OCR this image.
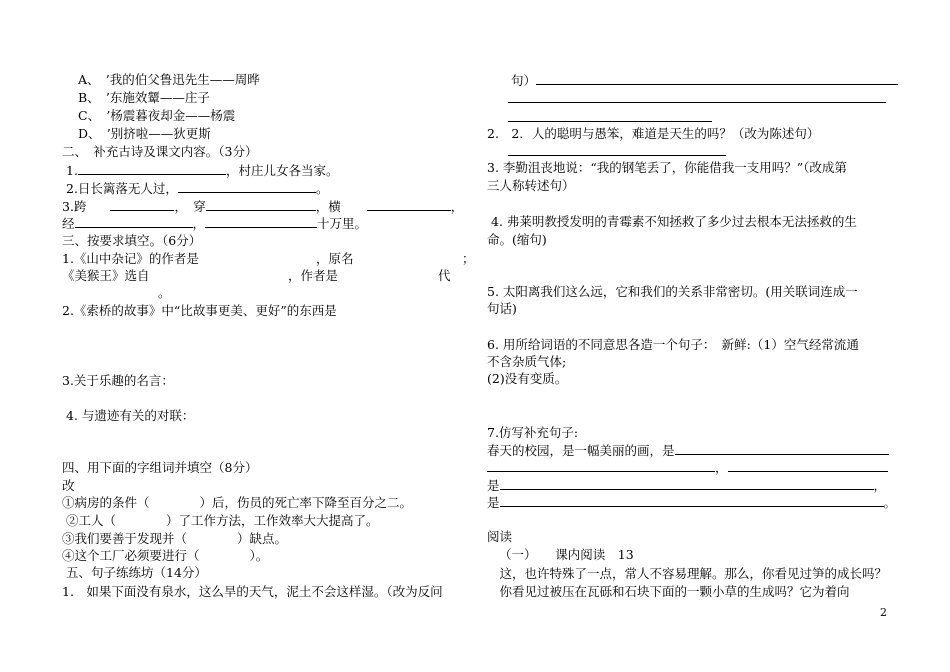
A、　’我的伯父鲁迅先生——周晔
B、　’东施效颦——庄子
C、　’杨震暮夜却金——杨震
D、　’别挤啦——狄更斯
二、　补充古诗及课文内容。（3分）
1.	，村庄儿女各当家。
2.日长篱落无人过，	。
3.跨	，　穿	，横	，
经	，	十万里。
三、按要求填空。（6分）
1.《山中杂记》的作者是	，原名	；
《美猴王》选自	，作者是	代
。
2.《索桥的故事》中“比故事更美、更好”的东西是
3.关于乐趣的名言：
4. 与遗迹有关的对联：
四、用下面的字组词并填空（8分）
改
①病房的条件（　　　　）后，伤员的死亡率下降至百分之二。
②工人（　　　　）了工作方法，工作效率大大提高了。
③我们要善于发现并（　　　　）缺点。
④这个工厂必须要进行（　　　　）。
五、句子练练坊（14分）
1.　如果下面没有泉水，这么旱的天气，泥土不会这样湿。（改为反问
句）
2.　2．人的聪明与愚笨，难道是天生的吗？（改为陈述句）
3. 李勤沮丧地说：“我的钢笔丢了，你能借我一支用吗？”（改成第
三人称转述句）
4. 弗莱明教授发明的青霉素不知拯救了多少过去根本无法拯救的生
命。(缩句)
5. 太阳离我们这么远，它和我们的关系非常密切。(用关联词连成一
句话)
6. 用所给词语的不同意思各造一个句子：　新鲜:（1）空气经常流通
不含杂质气体;
(2)没有变质。
7.仿写补充句子:
春天的校园，是一幅美丽的画，是
，
是	，
是	。
阅读
（一）　　课内阅读　13
　这，也许特殊了一点，常人不容易理解。那么，你看见过笋的成长吗？
　你看见过被压在瓦砾和石块下面的一颗小草的生成吗？它为着向
2
